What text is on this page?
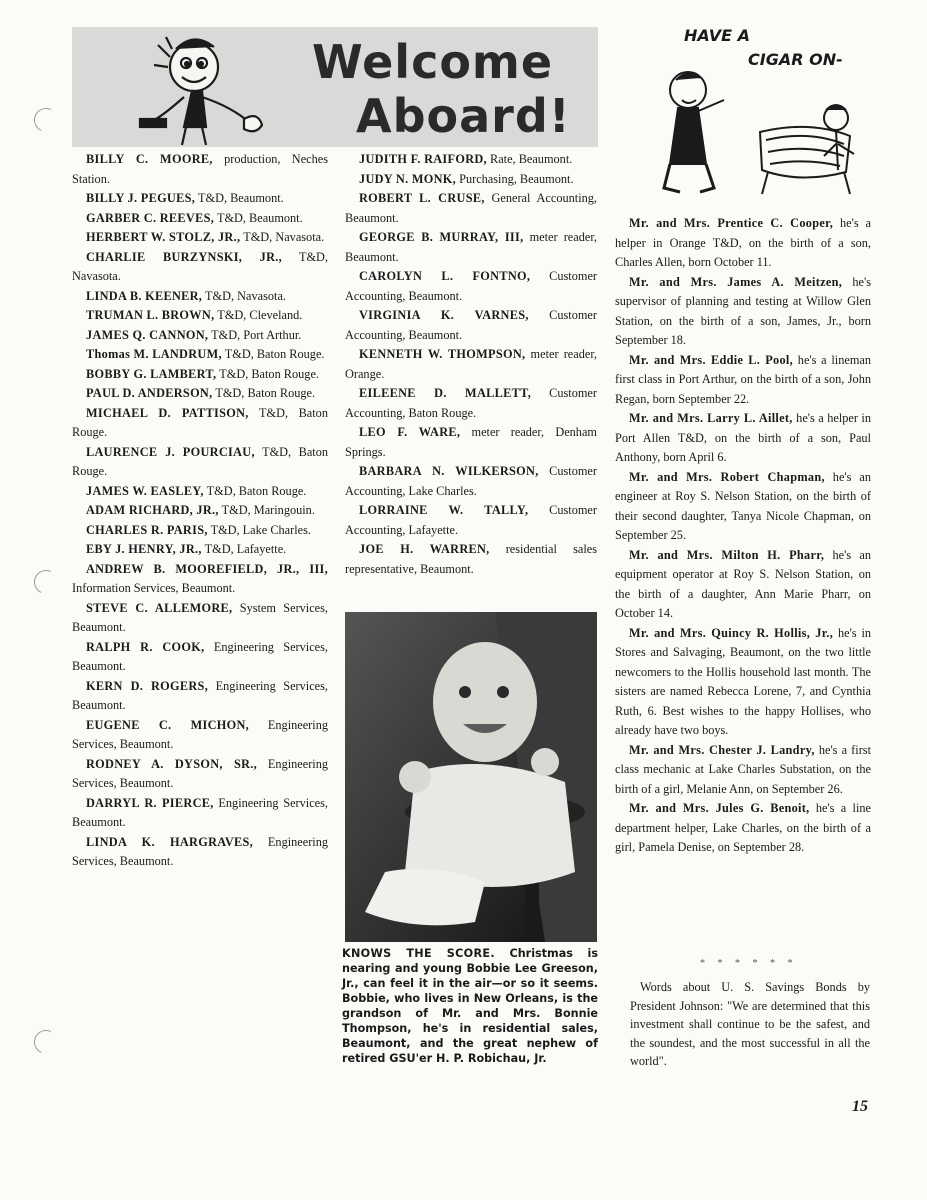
Welcome
Aboard!
HAVE A
CIGAR ON-

BILLY C. MOORE, production, Neches Station.

BILLY J. PEGUES, T&D, Beaumont.

GARBER C. REEVES, T&D, Beaumont.

HERBERT W. STOLZ, JR., T&D, Navasota.

CHARLIE BURZYNSKI, JR., T&D, Navasota.

LINDA B. KEENER, T&D, Navasota.

TRUMAN L. BROWN, T&D, Cleveland.

JAMES Q. CANNON, T&D, Port Arthur.

Thomas M. LANDRUM, T&D, Baton Rouge.

BOBBY G. LAMBERT, T&D, Baton Rouge.

PAUL D. ANDERSON, T&D, Baton Rouge.

MICHAEL D. PATTISON, T&D, Baton Rouge.

LAURENCE J. POURCIAU, T&D, Baton Rouge.

JAMES W. EASLEY, T&D, Baton Rouge.

ADAM RICHARD, JR., T&D, Maringouin.

CHARLES R. PARIS, T&D, Lake Charles.

EBY J. HENRY, JR., T&D, Lafayette.

ANDREW B. MOOREFIELD, JR., III, Information Services, Beaumont.

STEVE C. ALLEMORE, System Services, Beaumont.

RALPH R. COOK, Engineering Services, Beaumont.

KERN D. ROGERS, Engineering Services, Beaumont.

EUGENE C. MICHON, Engineering Services, Beaumont.

RODNEY A. DYSON, SR., Engineering Services, Beaumont.

DARRYL R. PIERCE, Engineering Services, Beaumont.

LINDA K. HARGRAVES, Engineering Services, Beaumont.

JUDITH F. RAIFORD, Rate, Beaumont.

JUDY N. MONK, Purchasing, Beaumont.

ROBERT L. CRUSE, General Accounting, Beaumont.

GEORGE B. MURRAY, III, meter reader, Beaumont.

CAROLYN L. FONTNO, Customer Accounting, Beaumont.

VIRGINIA K. VARNES, Customer Accounting, Beaumont.

KENNETH W. THOMPSON, meter reader, Orange.

EILEENE D. MALLETT, Customer Accounting, Baton Rouge.

LEO F. WARE, meter reader, Denham Springs.

BARBARA N. WILKERSON, Customer Accounting, Lake Charles.

LORRAINE W. TALLY, Customer Accounting, Lafayette.

JOE H. WARREN, residential sales representative, Beaumont.

KNOWS THE SCORE. Christmas is nearing and young Bobbie Lee Greeson, Jr., can feel it in the air—or so it seems. Bobbie, who lives in New Orleans, is the grandson of Mr. and Mrs. Bonnie Thompson, he's in residential sales, Beaumont, and the great nephew of retired GSU'er H. P. Robichau, Jr.

Mr. and Mrs. Prentice C. Cooper, he's a helper in Orange T&D, on the birth of a son, Charles Allen, born October 11.

Mr. and Mrs. James A. Meitzen, he's supervisor of planning and testing at Willow Glen Station, on the birth of a son, James, Jr., born September 18.

Mr. and Mrs. Eddie L. Pool, he's a lineman first class in Port Arthur, on the birth of a son, John Regan, born September 22.

Mr. and Mrs. Larry L. Aillet, he's a helper in Port Allen T&D, on the birth of a son, Paul Anthony, born April 6.

Mr. and Mrs. Robert Chapman, he's an engineer at Roy S. Nelson Station, on the birth of their second daughter, Tanya Nicole Chapman, on September 25.

Mr. and Mrs. Milton H. Pharr, he's an equipment operator at Roy S. Nelson Station, on the birth of a daughter, Ann Marie Pharr, on October 14.

Mr. and Mrs. Quincy R. Hollis, Jr., he's in Stores and Salvaging, Beaumont, on the two little newcomers to the Hollis household last month. The sisters are named Rebecca Lorene, 7, and Cynthia Ruth, 6. Best wishes to the happy Hollises, who already have two boys.

Mr. and Mrs. Chester J. Landry, he's a first class mechanic at Lake Charles Substation, on the birth of a girl, Melanie Ann, on September 26.

Mr. and Mrs. Jules G. Benoit, he's a line department helper, Lake Charles, on the birth of a girl, Pamela Denise, on September 28.

* * * * * *

Words about U. S. Savings Bonds by President Johnson: "We are determined that this investment shall continue to be the safest, and the soundest, and the most successful in all the world".

15
